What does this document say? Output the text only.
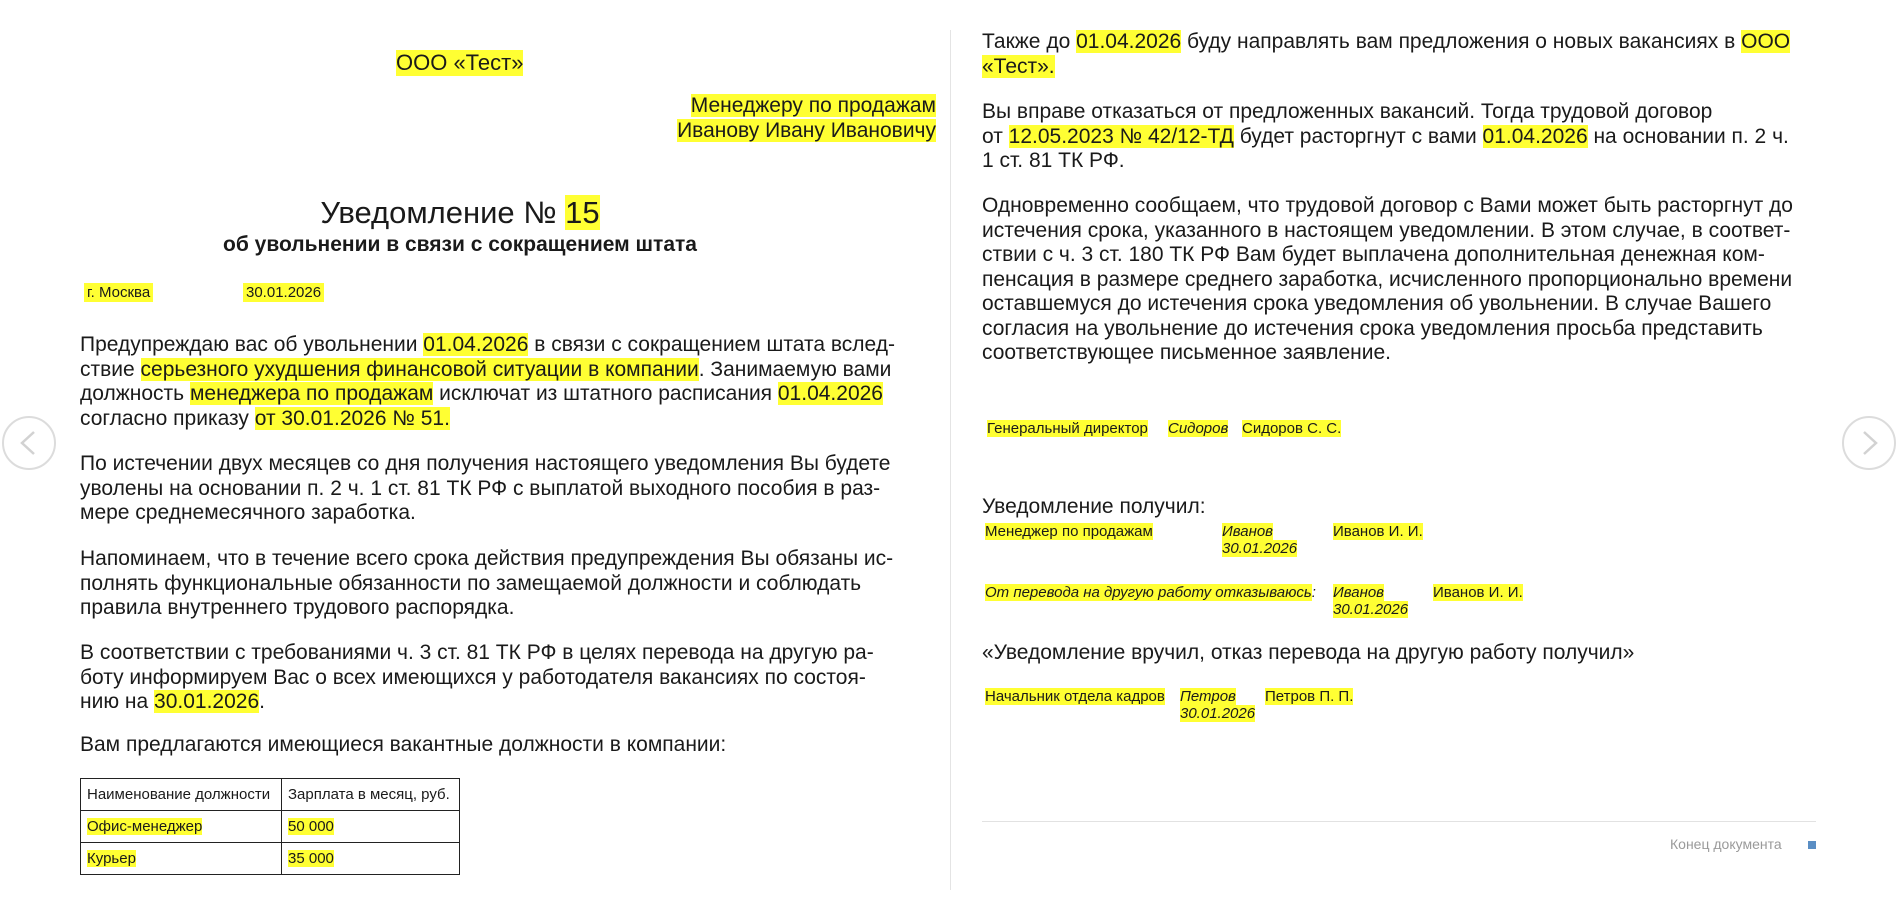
ООО «Тест»
Менеджеру по продажам
Иванову Ивану Ивановичу
Уведомление № 15
об увольнении в связи с сокращением штата
г. Москва	30.01.2026

Предупреждаю вас об увольнении 01.04.2026 в связи с сокращением штата вслед-
ствие серьезного ухудшения финансовой ситуации в компании. Занимаемую вами
должность менеджера по продажам исключат из штатного расписания 01.04.2026
согласно приказу от 30.01.2026 № 51.

По истечении двух месяцев со дня получения настоящего уведомления Вы будете
уволены на основании п. 2 ч. 1 ст. 81 ТК РФ с выплатой выходного пособия в раз-
мере среднемесячного заработка.

Напоминаем, что в течение всего срока действия предупреждения Вы обязаны ис-
полнять функциональные обязанности по замещаемой должности и соблюдать
правила внутреннего трудового распорядка.

В соответствии с требованиями ч. 3 ст. 81 ТК РФ в целях перевода на другую ра-
боту информируем Вас о всех имеющихся у работодателя вакансиях по состоя-
нию на 30.01.2026.

Вам предлагаются имеющиеся вакантные должности в компании:

Наименование должности	Зарплата в месяц, руб.
Офис-менеджер	50 000
Курьер	35 000

Также до 01.04.2026 буду направлять вам предложения о новых вакансиях в ООО
«Тест».

Вы вправе отказаться от предложенных вакансий. Тогда трудовой договор
от 12.05.2023 № 42/12-ТД будет расторгнут с вами 01.04.2026 на основании п. 2 ч.
1 ст. 81 ТК РФ.

Одновременно сообщаем, что трудовой договор с Вами может быть расторгнут до
истечения срока, указанного в настоящем уведомлении. В этом случае, в соответ-
ствии с ч. 3 ст. 180 ТК РФ Вам будет выплачена дополнительная денежная ком-
пенсация в размере среднего заработка, исчисленного пропорционально времени
оставшемуся до истечения срока уведомления об увольнении. В случае Вашего
согласия на увольнение до истечения срока уведомления просьба представить
соответствующее письменное заявление.

Генеральный директор Сидоров Сидоров С. С.
Уведомление получил:
Менеджер по продажам	Иванов
30.01.2026
Иванов И. И.
От перевода на другую работу отказываюсь: Иванов
30.01.2026
Иванов И. И.
«Уведомление вручил, отказ перевода на другую работу получил»
Начальник отдела кадров Петров
30.01.2026
Петров П. П.
Конец документа
